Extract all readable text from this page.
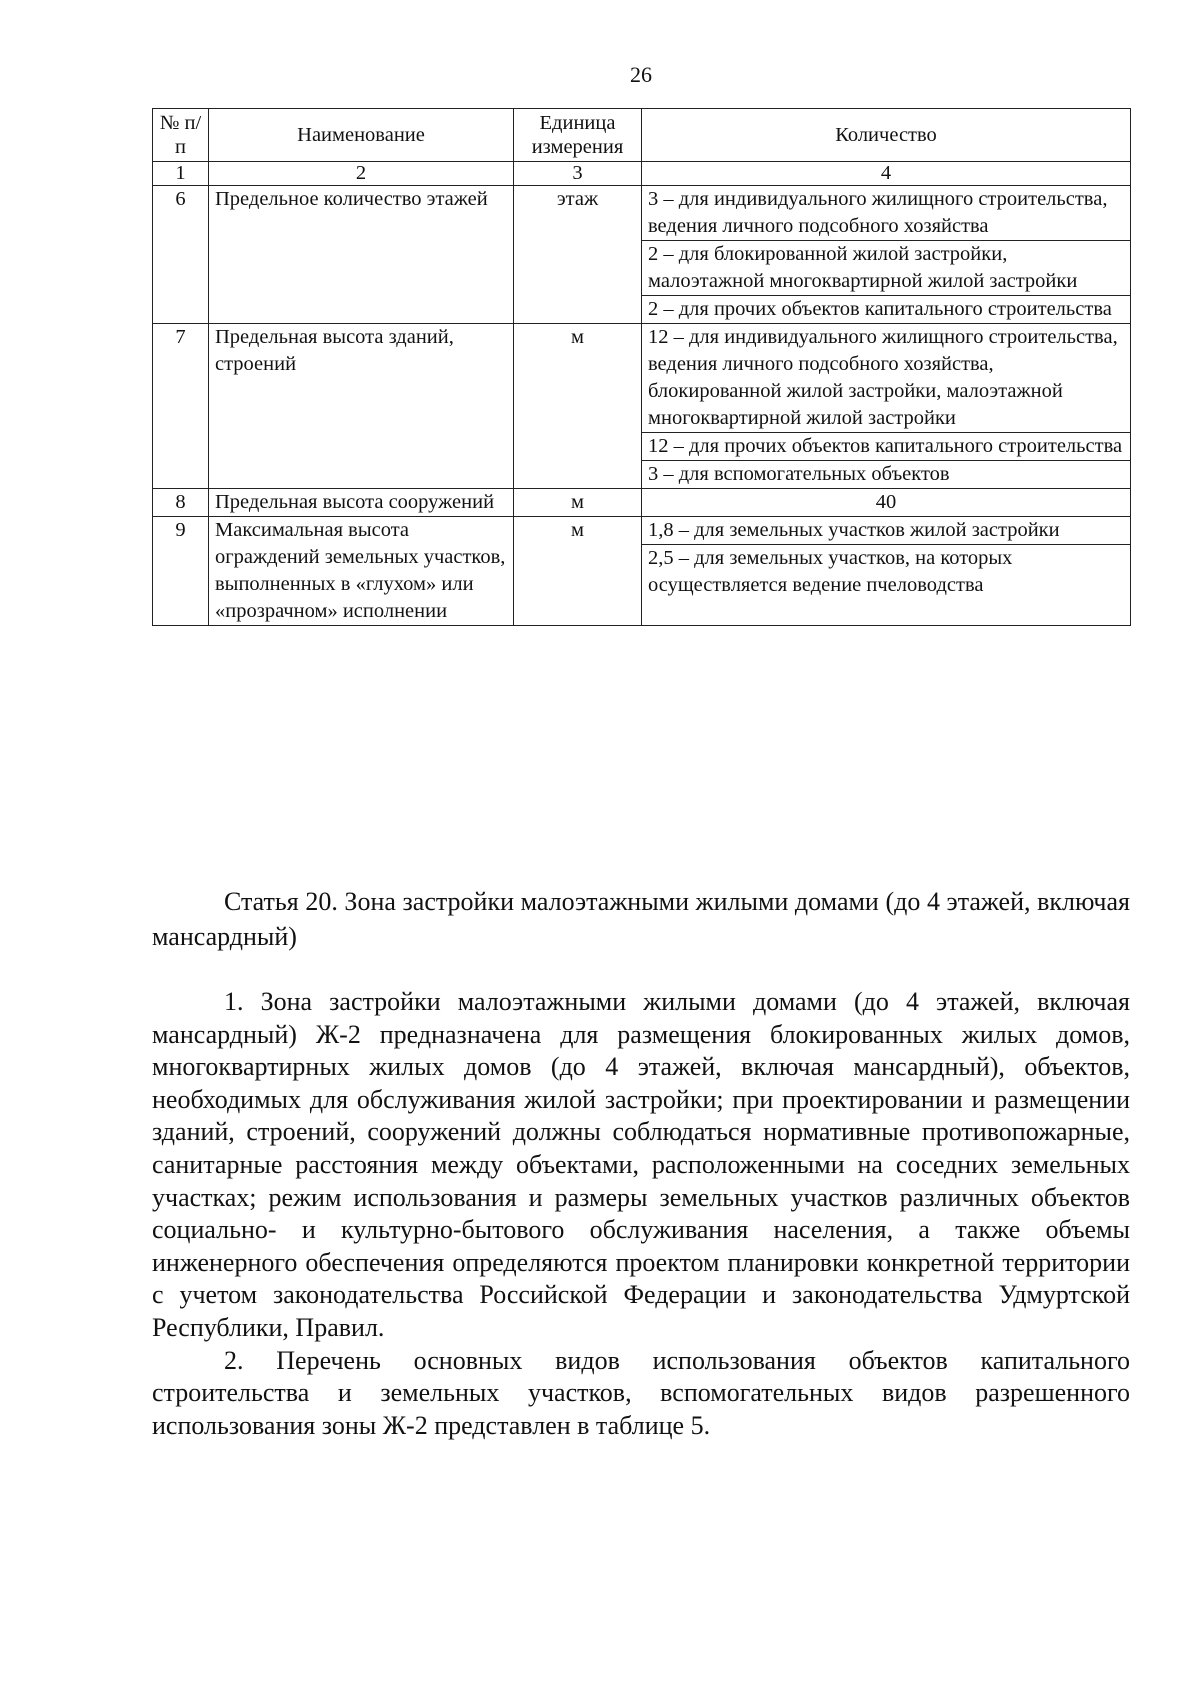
26
№ п/п	Наименование	Единица измерения	Количество
1	2	3	4
6	Предельное количество этажей	этаж	3 – для индивидуального жилищного строительства, ведения личного подсобного хозяйства
			2 – для блокированной жилой застройки, малоэтажной многоквартирной жилой застройки
			2 – для прочих объектов капитального строительства
7	Предельная высота зданий, строений	м	12 – для индивидуального жилищного строительства, ведения личного подсобного хозяйства, блокированной жилой застройки, малоэтажной многоквартирной жилой застройки
			12 – для прочих объектов капитального строительства
			3 – для вспомогательных объектов
8	Предельная высота сооружений	м	40
9	Максимальная высота ограждений земельных участков, выполненных в «глухом» или «прозрачном» исполнении	м	1,8 – для земельных участков жилой застройки
			2,5 – для земельных участков, на которых осуществляется ведение пчеловодства

Статья 20. Зона застройки малоэтажными жилыми домами (до 4 этажей, включая мансардный)

1. Зона застройки малоэтажными жилыми домами (до 4 этажей, включая мансардный) Ж-2 предназначена для размещения блокированных жилых домов, многоквартирных жилых домов (до 4 этажей, включая мансардный), объектов, необходимых для обслуживания жилой застройки; при проектировании и размещении зданий, строений, сооружений должны соблюдаться нормативные противопожарные, санитарные расстояния между объектами, расположенными на соседних земельных участках; режим использования и размеры земельных участков различных объектов социально- и культурно-бытового обслуживания населения, а также объемы инженерного обеспечения определяются проектом планировки конкретной территории с учетом законодательства Российской Федерации и законодательства Удмуртской Республики, Правил.

2. Перечень основных видов использования объектов капитального строительства и земельных участков, вспомогательных видов разрешенного использования зоны Ж-2 представлен в таблице 5.
